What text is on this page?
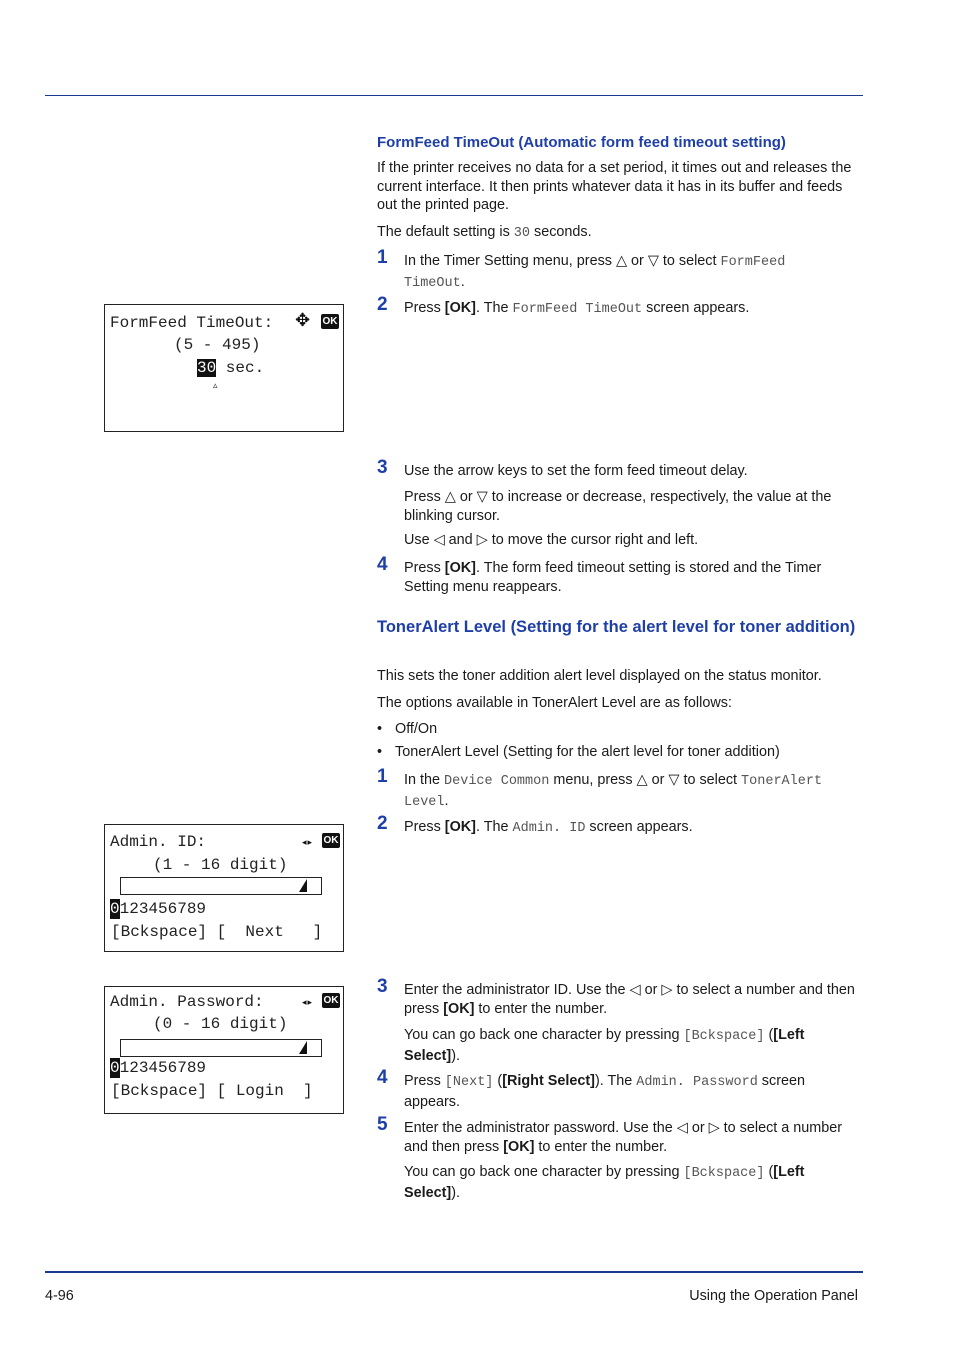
FormFeed TimeOut (Automatic form feed timeout setting)
If the printer receives no data for a set period, it times out and releases the current interface. It then prints whatever data it has in its buffer and feeds out the printed page.
The default setting is 30 seconds.
1 In the Timer Setting menu, press △ or ▽ to select FormFeed
TimeOut.
2 Press [OK]. The FormFeed TimeOut screen appears.
FormFeed TimeOut: ✥ OK
(5 - 495)
30 sec.
▵
3 Use the arrow keys to set the form feed timeout delay.
Press △ or ▽ to increase or decrease, respectively, the value at the blinking cursor.
Use ◁ and ▷ to move the cursor right and left.
4 Press [OK]. The form feed timeout setting is stored and the Timer Setting menu reappears.
TonerAlert Level (Setting for the alert level for toner addition)
This sets the toner addition alert level displayed on the status monitor.
The options available in TonerAlert Level are as follows:
• Off/On
• TonerAlert Level (Setting for the alert level for toner addition)
1 In the Device Common menu, press △ or ▽ to select TonerAlert
Level.
2 Press [OK]. The Admin. ID screen appears.
Admin. ID:	◂▸ OK
(1 - 16 digit)
0123456789
[Bckspace] [  Next   ]
Admin. Password:	◂▸ OK
(0 - 16 digit)
0123456789
[Bckspace] [ Login  ]
3 Enter the administrator ID. Use the ◁ or ▷ to select a number and then press [OK] to enter the number.
You can go back one character by pressing [Bckspace] ([Left Select]).
4 Press [Next] ([Right Select]). The Admin. Password screen appears.
5 Enter the administrator password. Use the ◁ or ▷ to select a number and then press [OK] to enter the number.
You can go back one character by pressing [Bckspace] ([Left Select]).
4-96	Using the Operation Panel
